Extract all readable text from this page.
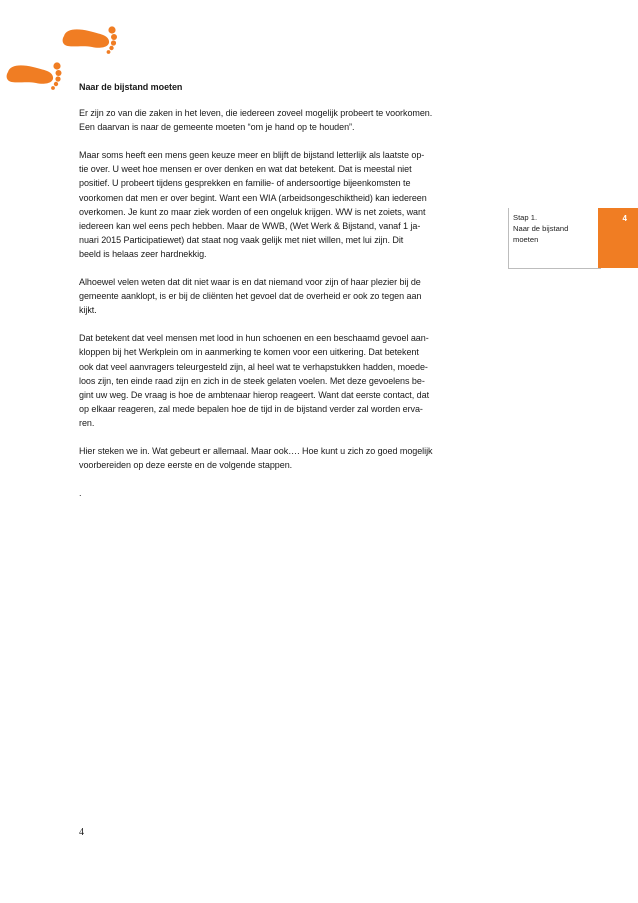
Naar de bijstand moeten
Er zijn zo van die zaken in het leven, die iedereen zoveel mogelijk probeert te voorkomen.
Een daarvan is naar de gemeente moeten “om je hand op te houden”.
Maar soms heeft een mens geen keuze meer en blijft de bijstand letterlijk als laatste op-
tie over. U weet hoe mensen er over denken en wat dat betekent. Dat is meestal niet
positief. U probeert tijdens gesprekken en familie- of andersoortige bijeenkomsten te
voorkomen dat men er over begint. Want een WIA (arbeidsongeschiktheid) kan iedereen
overkomen. Je kunt zo maar ziek worden of een ongeluk krijgen. WW is net zoiets, want
iedereen kan wel eens pech hebben. Maar de WWB, (Wet Werk & Bijstand, vanaf 1 ja-
nuari 2015 Participatiewet) dat staat nog vaak gelijk met niet willen, met lui zijn. Dit
beeld is helaas zeer hardnekkig.
Alhoewel velen weten dat dit niet waar is en dat niemand voor zijn of haar plezier bij de
gemeente aanklopt, is er bij de cliënten het gevoel dat de overheid er ook zo tegen aan
kijkt.
Dat betekent dat veel mensen met lood in hun schoenen en een beschaamd gevoel aan-
kloppen bij het Werkplein om in aanmerking te komen voor een uitkering. Dat betekent
ook dat veel aanvragers teleurgesteld zijn, al heel wat te verhapstukken hadden, moede-
loos zijn, ten einde raad zijn en zich in de steek gelaten voelen. Met deze gevoelens be-
gint uw weg. De vraag is hoe de ambtenaar hierop reageert. Want dat eerste contact, dat
op elkaar reageren, zal mede bepalen hoe de tijd in de bijstand verder zal worden erva-
ren.
Hier steken we in. Wat gebeurt er allemaal. Maar ook…. Hoe kunt u zich zo goed mogelijk
voorbereiden op deze eerste en de volgende stappen.
.
Stap 1.
Naar de bijstand
moeten
4
4
